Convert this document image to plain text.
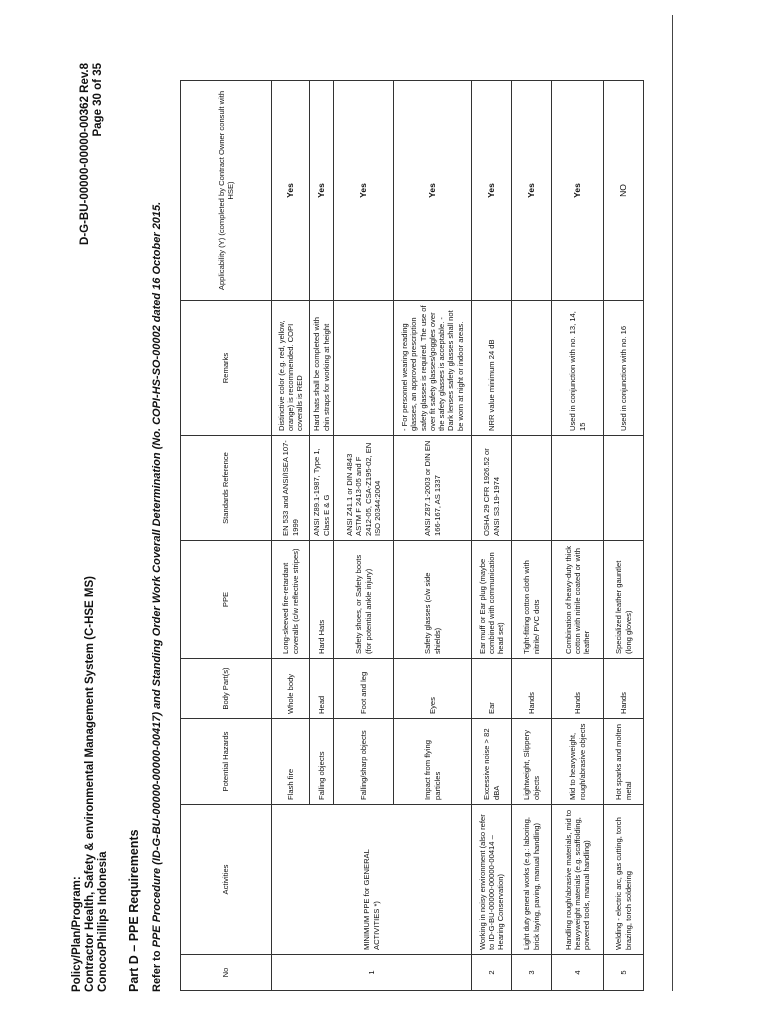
Policy/Plan/Program: Contractor Health, Safety & environmental Management System (C-HSE MS) ConocoPhillips Indonesia
D-G-BU-00000-00000-00362 Rev.8 Page 30 of 35
Part D – PPE Requirements Refer to PPE Procedure (ID-G-BU-00000-00000-00417) and Standing Order Work Coverall Determination (No. COPI-HS-SO-00002 dated 16 October 2015.
No	Activities	Potential Hazards	Body Part(s)	PPE	Standards Reference	Remarks	Applicability (Y) (completed by Contract Owner consult with HSE)
1	MINIMUM PPE for GENERAL ACTIVITIES *)	Flash fire	Whole body	Long-sleeved fire-retardant coveralls (c/w reflective stripes)	EN 533 and ANSI/ISEA 107-1999	Distinctive color (e.g. red, yellow, orange) is recommended. COPI coveralls is RED	Yes
		Falling objects	Head	Hard Hats	ANSI Z89.1-1987, Type 1, Class E & G	Hard hats shall be completed with chin straps for working at height	Yes
		Falling/sharp objects	Foot and leg	Safety shoes, or Safety boots (for potential ankle injury)	ANSI Z41.1 or DIN 4843 ASTM F 2413-05 and F 2412-05, CSA-Z195-02, EN ISO 20344:2004		Yes
		Impact from flying particles	Eyes	Safety glasses (c/w side shields)	ANSI Z87.1-2003 or DIN EN 166-167, AS 1337	- For personnel wearing reading glasses, an approved prescription safety glasses is required. The use of over fit safety glasses/goggles over the safety glasses is acceptable. - Dark lenses safety glasses shall not be worn at night or indoor areas.	Yes
2	Working in noisy environment (also refer to ID-G-BU-00000-00000-00414 – Hearing Conservation)	Excessive noise > 82 dBA	Ear	Ear muff or Ear plug (maybe combined with communication head set)	OSHA 29 CFR 1926.52 or ANSI S3.19-1974	NRR value minimum 24 dB	Yes
3	Light duty general works (e.g.: laboring, brick laying, paving, manual handling)	Lightweight, Slippery objects	Hands	Tight-fitting cotton cloth with nitrile/ PVC dots			Yes
4	Handling rough/abrasive materials, mid to heavyweight materials (e.g. scaffolding, powered tools, manual handling)	Mid to heavyweight, rough/abrasive objects	Hands	Combination of heavy-duty thick cotton with nitrile coated or with leather		Used in conjunction with no. 13, 14, 15	Yes
5	Welding - electric arc, gas cutting, torch brazing, torch soldering	Hot sparks and molten metal	Hands	Specialized leather gauntlet (long gloves)		Used in conjunction with no. 16	NO
